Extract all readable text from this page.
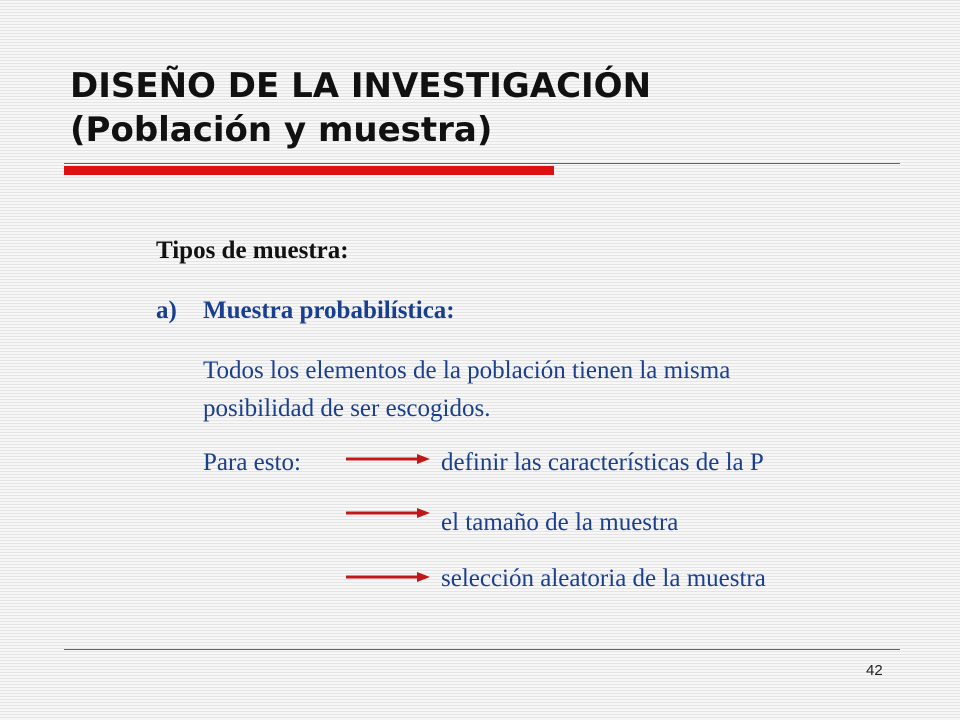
DISEÑO DE LA INVESTIGACIÓN
(Población y muestra)
Tipos de muestra:
a) Muestra probabilística:
Todos los elementos de la población tienen la misma
posibilidad de ser escogidos.
Para esto:	definir las características de la P
el tamaño de la muestra
selección aleatoria de la muestra
42
